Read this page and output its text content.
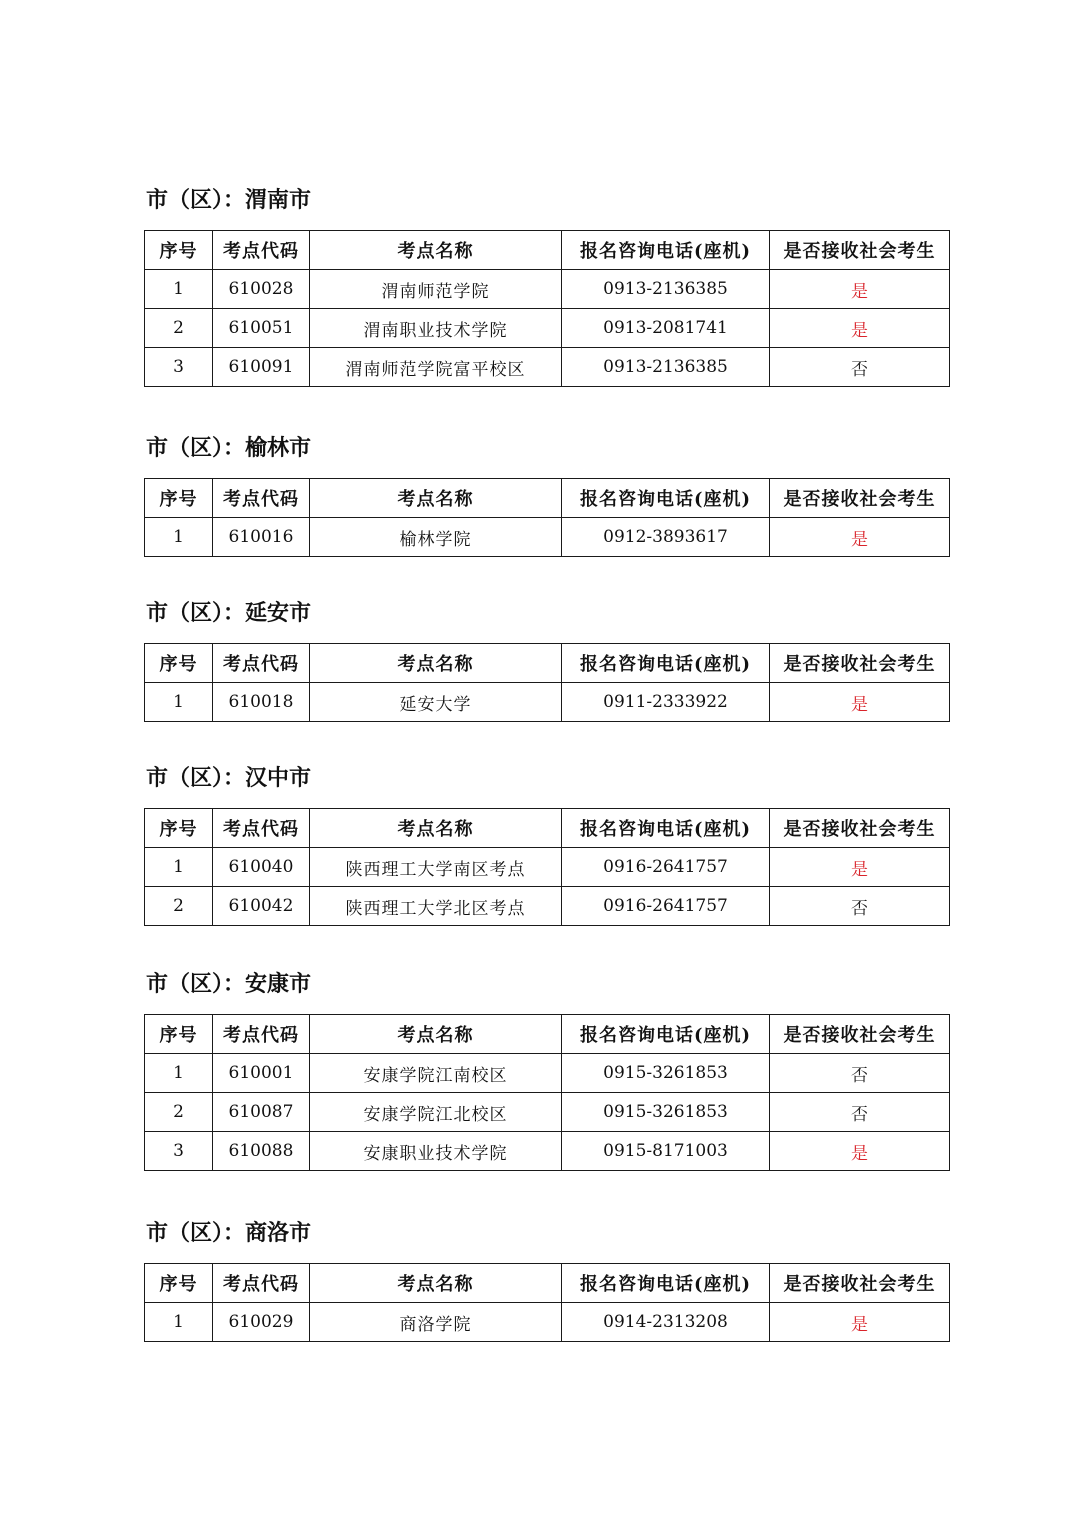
市（区）：渭南市
序号	考点代码	考点名称	报名咨询电话(座机)	是否接收社会考生
1	610028	渭南师范学院	0913-2136385	是
2	610051	渭南职业技术学院	0913-2081741	是
3	610091	渭南师范学院富平校区	0913-2136385	否
市（区）：榆林市
序号	考点代码	考点名称	报名咨询电话(座机)	是否接收社会考生
1	610016	榆林学院	0912-3893617	是
市（区）：延安市
序号	考点代码	考点名称	报名咨询电话(座机)	是否接收社会考生
1	610018	延安大学	0911-2333922	是
市（区）：汉中市
序号	考点代码	考点名称	报名咨询电话(座机)	是否接收社会考生
1	610040	陕西理工大学南区考点	0916-2641757	是
2	610042	陕西理工大学北区考点	0916-2641757	否
市（区）：安康市
序号	考点代码	考点名称	报名咨询电话(座机)	是否接收社会考生
1	610001	安康学院江南校区	0915-3261853	否
2	610087	安康学院江北校区	0915-3261853	否
3	610088	安康职业技术学院	0915-8171003	是
市（区）：商洛市
序号	考点代码	考点名称	报名咨询电话(座机)	是否接收社会考生
1	610029	商洛学院	0914-2313208	是
